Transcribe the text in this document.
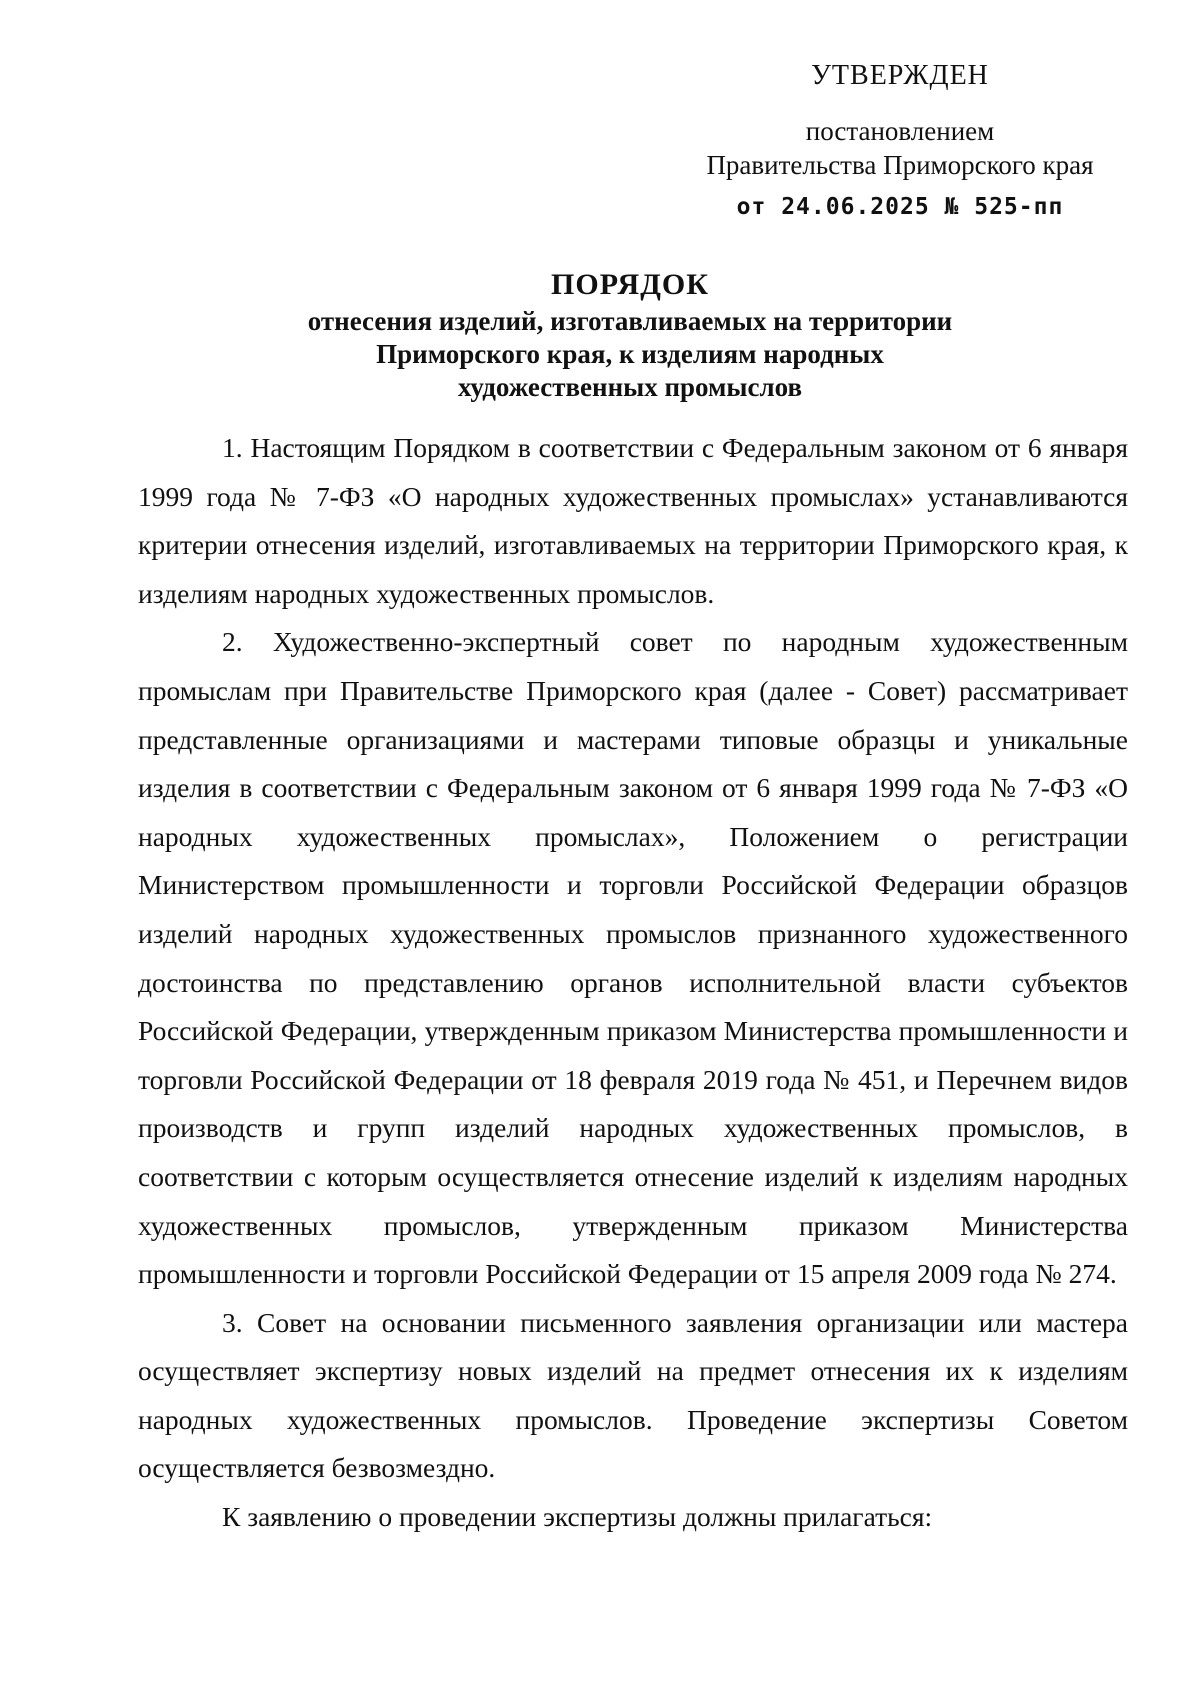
УТВЕРЖДЕН
постановлением
Правительства Приморского края
от 24.06.2025 № 525-пп
ПОРЯДОК
отнесения изделий, изготавливаемых на территории
Приморского края, к изделиям народных
художественных промыслов

1. Настоящим Порядком в соответствии с Федеральным законом от 6 января 1999 года № 7-ФЗ «О народных художественных промыслах» устанавливаются критерии отнесения изделий, изготавливаемых на территории Приморского края, к изделиям народных художественных промыслов.

2. Художественно-экспертный совет по народным художественным промыслам при Правительстве Приморского края (далее - Совет) рассматривает представленные организациями и мастерами типовые образцы и уникальные изделия в соответствии с Федеральным законом от 6 января 1999 года № 7-ФЗ «О народных художественных промыслах», Положением о регистрации Министерством промышленности и торговли Российской Федерации образцов изделий народных художественных промыслов признанного художественного достоинства по представлению органов исполнительной власти субъектов Российской Федерации, утвержденным приказом Министерства промышленности и торговли Российской Федерации от 18 февраля 2019 года № 451, и Перечнем видов производств и групп изделий народных художественных промыслов, в соответствии с которым осуществляется отнесение изделий к изделиям народных художественных промыслов, утвержденным приказом Министерства промышленности и торговли Российской Федерации от 15 апреля 2009 года № 274.

3. Совет на основании письменного заявления организации или мастера осуществляет экспертизу новых изделий на предмет отнесения их к изделиям народных художественных промыслов. Проведение экспертизы Советом осуществляется безвозмездно.

К заявлению о проведении экспертизы должны прилагаться:
